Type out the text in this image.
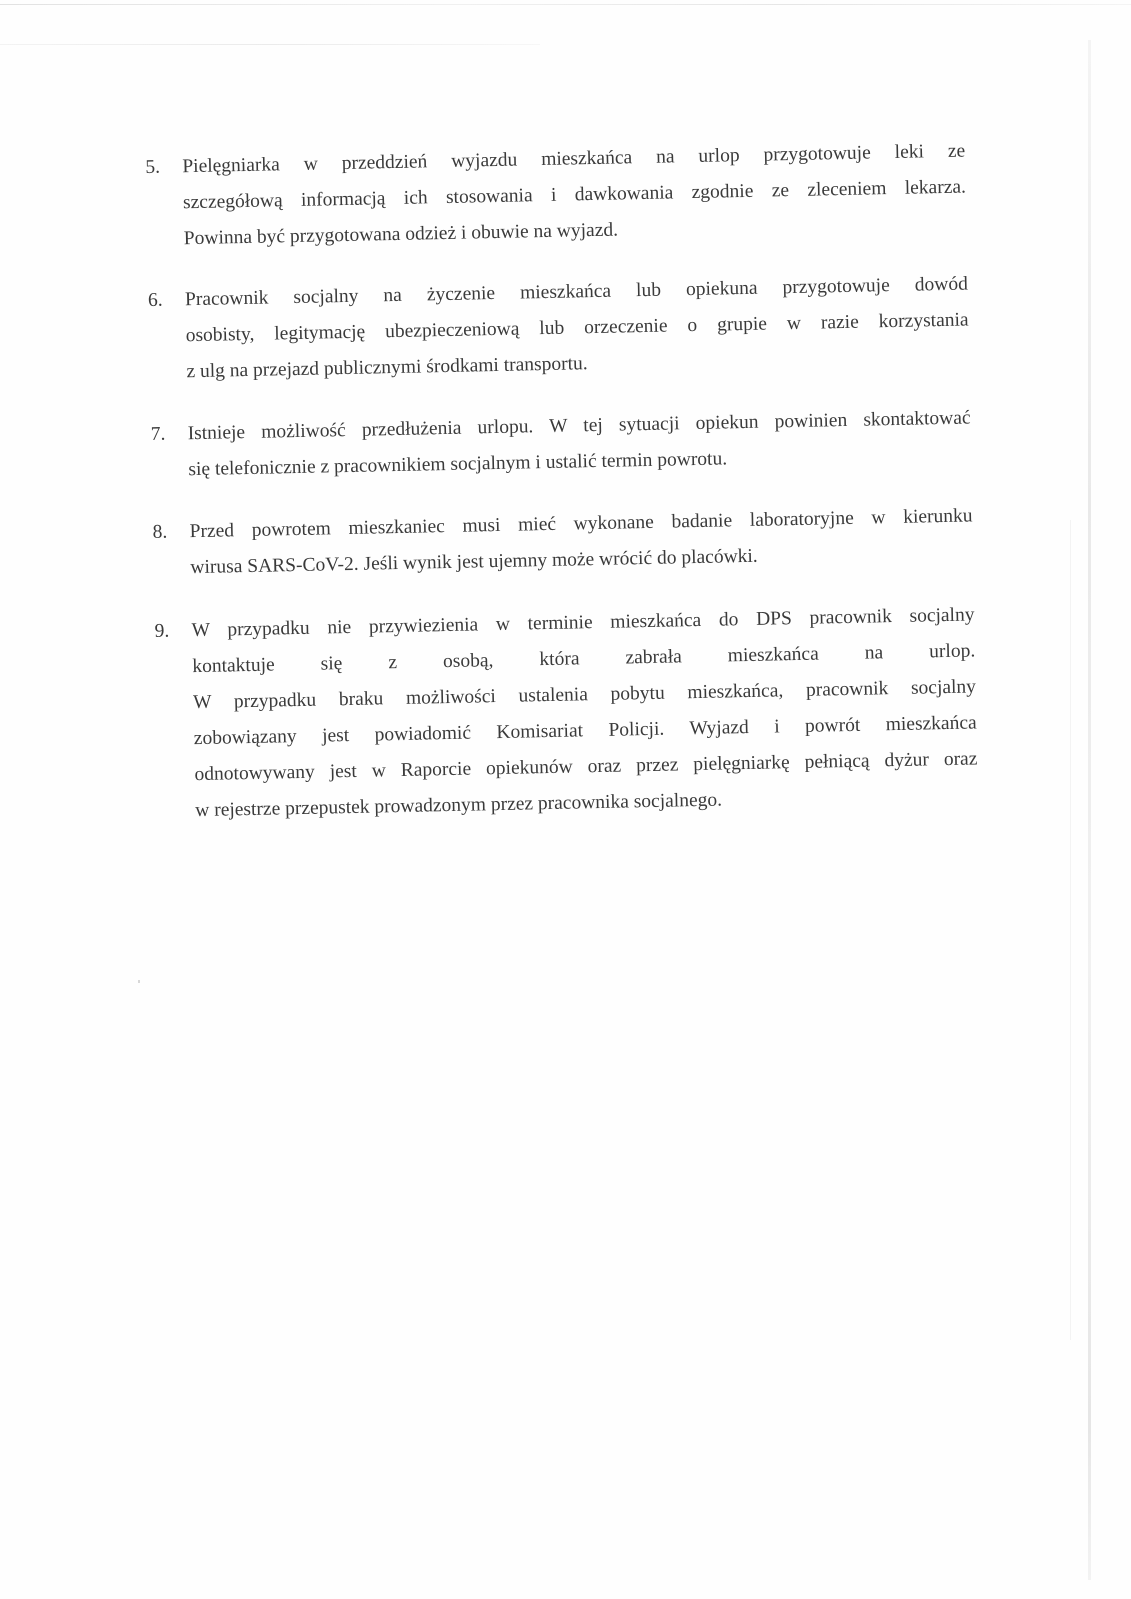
5. Pielęgniarka w przeddzień wyjazdu mieszkańca na urlop przygotowuje leki ze
szczegółową informacją ich stosowania i dawkowania zgodnie ze zleceniem lekarza.
Powinna być przygotowana odzież i obuwie na wyjazd.
6. Pracownik socjalny na życzenie mieszkańca lub opiekuna przygotowuje dowód
osobisty, legitymację ubezpieczeniową lub orzeczenie o grupie w razie korzystania
z ulg na przejazd publicznymi środkami transportu.
7. Istnieje możliwość przedłużenia urlopu. W tej sytuacji opiekun powinien skontaktować
się telefonicznie z pracownikiem socjalnym i ustalić termin powrotu.
8. Przed powrotem mieszkaniec musi mieć wykonane badanie laboratoryjne w kierunku
wirusa SARS-CoV-2. Jeśli wynik jest ujemny może wrócić do placówki.
9. W przypadku nie przywiezienia w terminie mieszkańca do DPS pracownik socjalny
kontaktuje się z osobą, która zabrała mieszkańca na urlop.
W przypadku braku możliwości ustalenia pobytu mieszkańca, pracownik socjalny
zobowiązany jest powiadomić Komisariat Policji. Wyjazd i powrót mieszkańca
odnotowywany jest w Raporcie opiekunów oraz przez pielęgniarkę pełniącą dyżur oraz
w rejestrze przepustek prowadzonym przez pracownika socjalnego.
